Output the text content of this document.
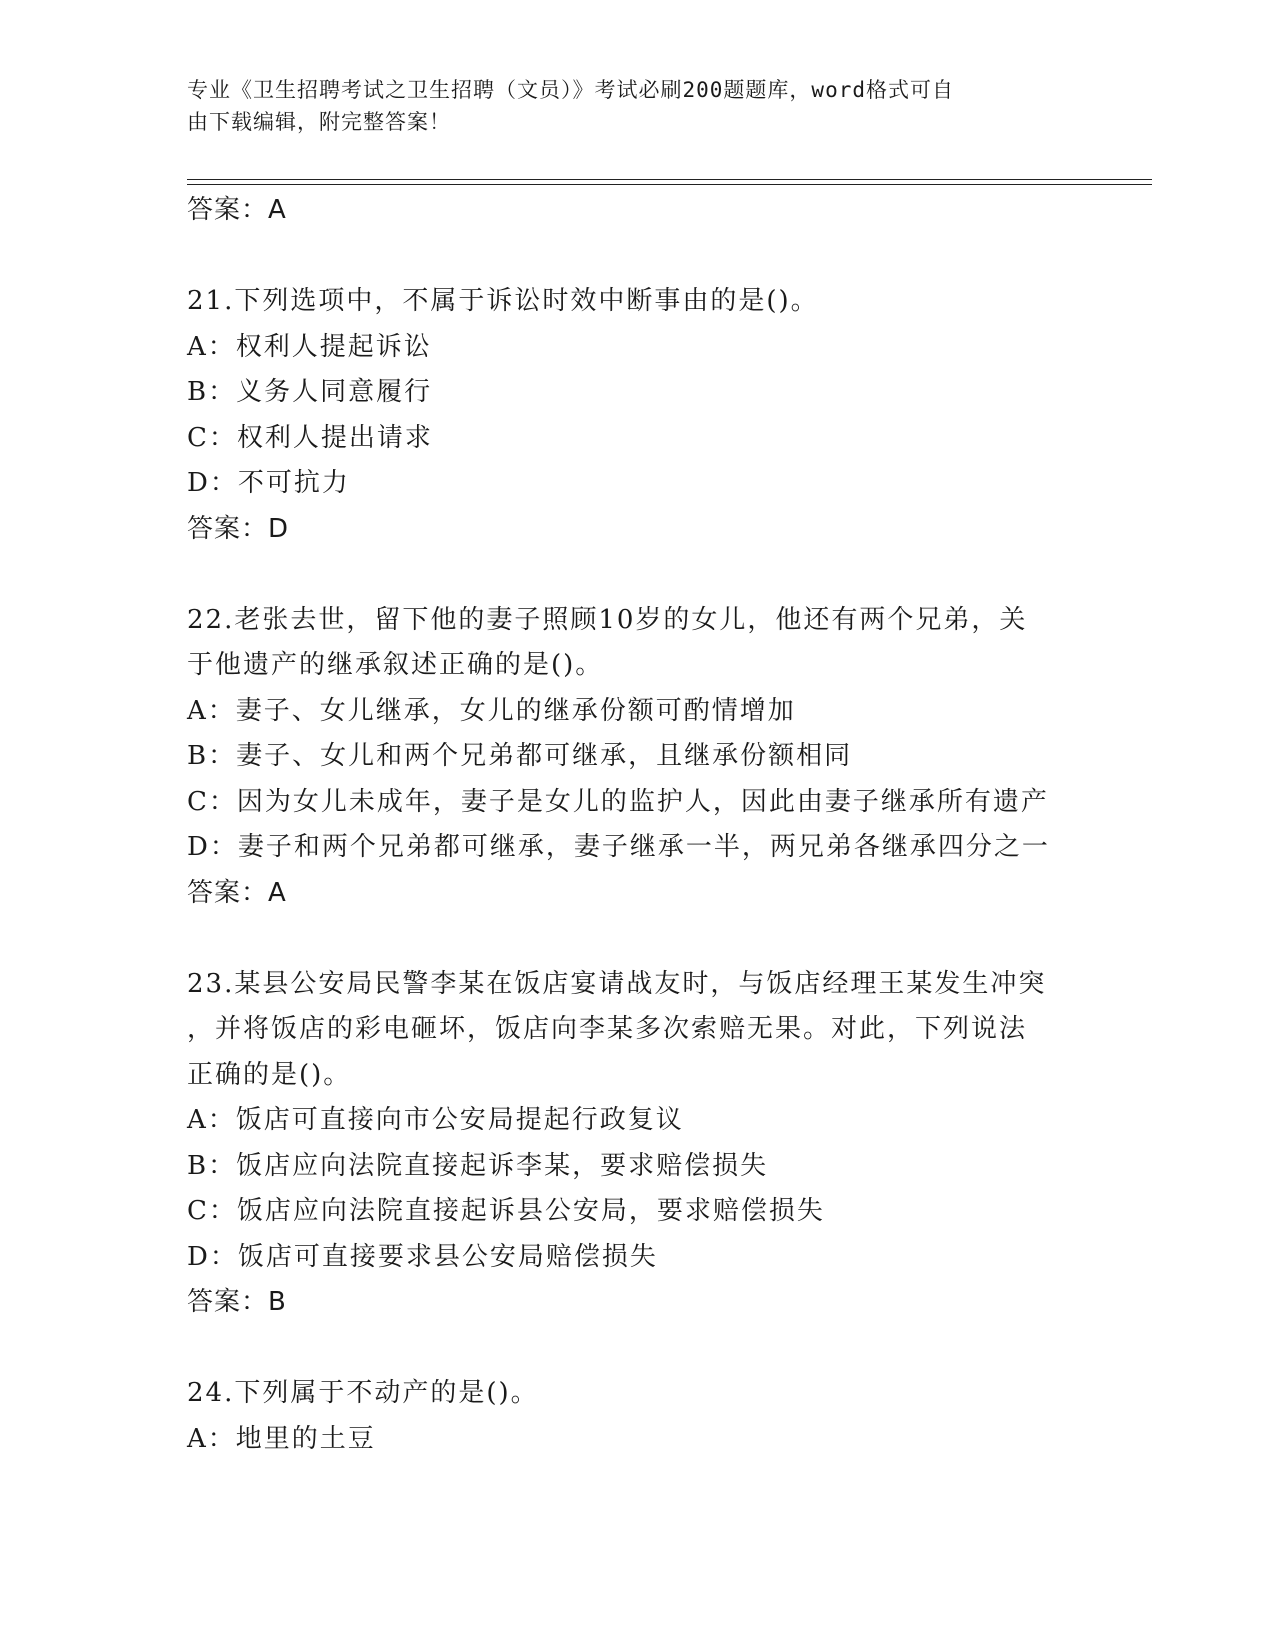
专业《卫生招聘考试之卫生招聘（文员）》考试必刷200题题库，word格式可自
由下载编辑，附完整答案！
答案：A
21.下列选项中，不属于诉讼时效中断事由的是()。
A：权利人提起诉讼
B：义务人同意履行
C：权利人提出请求
D：不可抗力
答案：D
22.老张去世，留下他的妻子照顾10岁的女儿，他还有两个兄弟，关
于他遗产的继承叙述正确的是()。
A：妻子、女儿继承，女儿的继承份额可酌情增加
B：妻子、女儿和两个兄弟都可继承，且继承份额相同
C：因为女儿未成年，妻子是女儿的监护人，因此由妻子继承所有遗产
D：妻子和两个兄弟都可继承，妻子继承一半，两兄弟各继承四分之一
答案：A
23.某县公安局民警李某在饭店宴请战友时，与饭店经理王某发生冲突
，并将饭店的彩电砸坏，饭店向李某多次索赔无果。对此，下列说法
正确的是()。
A：饭店可直接向市公安局提起行政复议
B：饭店应向法院直接起诉李某，要求赔偿损失
C：饭店应向法院直接起诉县公安局，要求赔偿损失
D：饭店可直接要求县公安局赔偿损失
答案：B
24.下列属于不动产的是()。
A：地里的土豆
